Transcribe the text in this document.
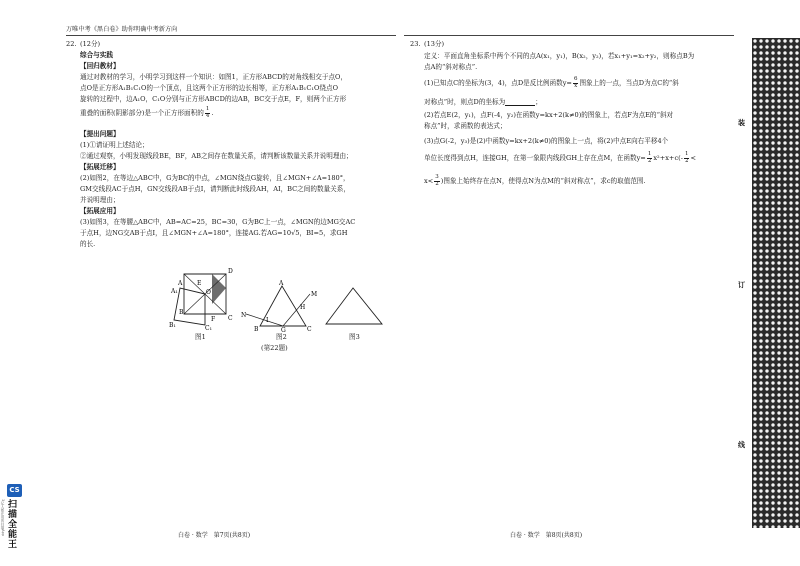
万唯中考《黑白卷》助你明确中考新方向
22. (12分)
综合与实践
【回归教材】
通过对教材的学习，小明学习到这样一个知识：如图1，正方形ABCD的对角线相交于点O，
点O是正方形A₁B₁C₁O的一个顶点，且这两个正方形的边长相等，正方形A₁B₁C₁O绕点O
旋转的过程中，边A₁O，C₁O分别与正方形ABCD的边AB，BC交于点E，F，则两个正方形
重叠的面积(阴影部分)是一个正方形面积的 $\frac{1}{4}$ .
【提出问题】
(1)①请证明上述结论；
②通过观察，小明发现线段BE，BF，AB之间存在数量关系，请判断该数量关系并说明理由；
【拓展迁移】
(2)如图2，在等边△ABC中，G为BC的中点，∠MGN绕点G旋转，且∠MGN+∠A=180°，
GM交线段AC于点H，GN交线段AB于点I，请判断此时线段AH，AI，BC之间的数量关系，
并说明理由；
【拓展应用】
(3)如图3，在等腰△ABC中，AB=AC=25，BC=30，G为BC上一点，∠MGN的边MG交AC
于点H，边NG交AB于点I，且∠MGN+∠A=180°，连接AG.若AG=10√5，BI=5，求GH
的长.
A
D
C
B
O
E
F
A₁
B₁	C₁
A
B	C
G
H
I
M
N
图1	图2	图3
(第22题)
白卷 · 数学　第7页(共8页)
23. (13分)
定义：平面直角坐标系中两个不同的点A(x₁，y₁)，B(x₂，y₂)，若x₁+y₁=x₂+y₂，则称点B为
点A的“斜对称点”.
(1)已知点C的坐标为(3，4)，点D是反比例函数$y= \frac{6}{x}$ 图象上的一点，当点D为点C的“斜
对称点”时，则点D的坐标为	；
(2)若点E(2，y₁)，点F(-4，y₂)在函数y=kx+2(k≠0)的图象上，若点F为点E的“斜对
称点”时，求函数的表达式；
(3)点G(-2，y₃)是(2)中函数y=kx+2(k≠0)的图象上一点，将(2)中点E向右平移4个
单位长度得到点H，连接GH，在第一象限内线段GH上存在点M，在函数$y= \frac{1}{2} x^2+x+c(- \frac{1}{2}$ <
$x< \frac{3}{2}$ )图象上始终存在点N，使得点N为点M的“斜对称点”，求c的取值范围.
白卷 · 数学　第8页(共8页)
装
订
线
CS
3亿人都在用的扫描App 扫描全能王
